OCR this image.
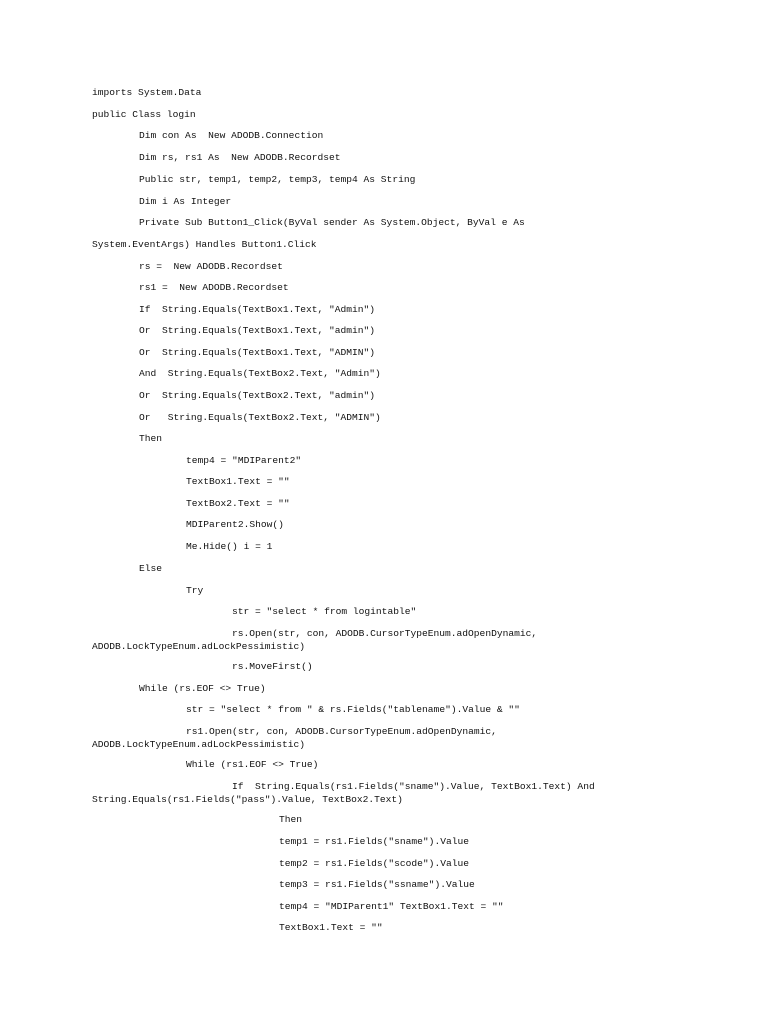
imports System.Data

public Class login

Dim con As  New ADODB.Connection

Dim rs, rs1 As  New ADODB.Recordset

Public str, temp1, temp2, temp3, temp4 As String

Dim i As Integer

Private Sub Button1_Click(ByVal sender As System.Object, ByVal e As

System.EventArgs) Handles Button1.Click

rs =  New ADODB.Recordset

rs1 =  New ADODB.Recordset

If  String.Equals(TextBox1.Text, "Admin")

Or  String.Equals(TextBox1.Text, "admin")

Or  String.Equals(TextBox1.Text, "ADMIN")

And  String.Equals(TextBox2.Text, "Admin")

Or  String.Equals(TextBox2.Text, "admin")

Or   String.Equals(TextBox2.Text, "ADMIN")

Then

temp4 = "MDIParent2"

TextBox1.Text = ""

TextBox2.Text = ""

MDIParent2.Show()

Me.Hide() i = 1

Else

Try

str = "select * from logintable"

rs.Open(str, con, ADODB.CursorTypeEnum.adOpenDynamic,

ADODB.LockTypeEnum.adLockPessimistic)

rs.MoveFirst()

While (rs.EOF <> True)

str = "select * from " & rs.Fields("tablename").Value & ""

rs1.Open(str, con, ADODB.CursorTypeEnum.adOpenDynamic,

ADODB.LockTypeEnum.adLockPessimistic)

While (rs1.EOF <> True)

If  String.Equals(rs1.Fields("sname").Value, TextBox1.Text) And

String.Equals(rs1.Fields("pass").Value, TextBox2.Text)

Then

temp1 = rs1.Fields("sname").Value

temp2 = rs1.Fields("scode").Value

temp3 = rs1.Fields("ssname").Value

temp4 = "MDIParent1" TextBox1.Text = ""

TextBox1.Text = ""
